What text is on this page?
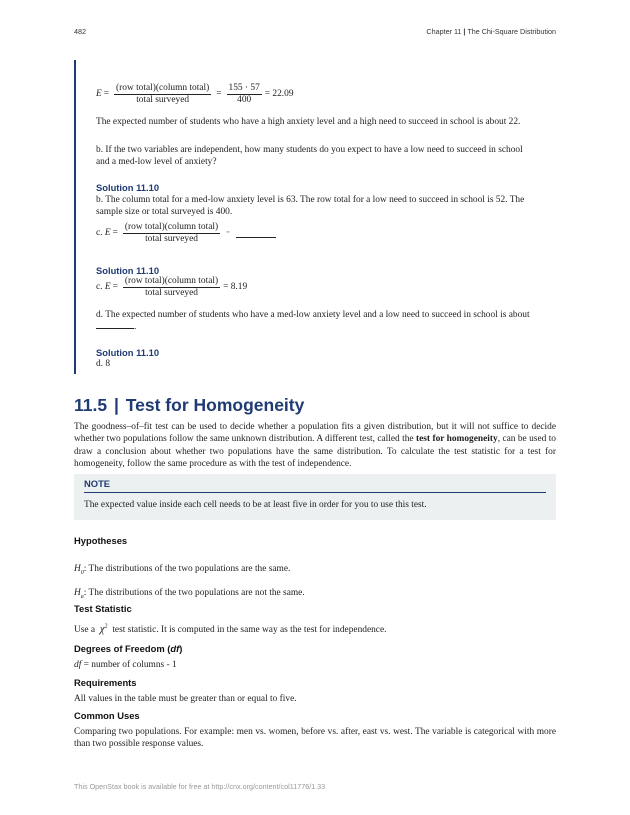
482	Chapter 11 | The Chi-Square Distribution
$E = \frac{\text{(row total)(column total)}}{\text{total surveyed}} = \frac{155 \cdot 57}{400} = 22.09$

The expected number of students who have a high anxiety level and a high need to succeed in school is about 22.

b. If the two variables are independent, how many students do you expect to have a low need to succeed in school and a med-low level of anxiety?

Solution 11.10

b. The column total for a med-low anxiety level is 63. The row total for a low need to succeed in school is 52. The sample size or total surveyed is 400.

c.
$E = \frac{\text{(row total)(column total)}}{\text{total surveyed}}$ =
Solution 11.10
c.
$E = \frac{\text{(row total)(column total)}}{\text{total surveyed}} = 8.19$

d. The expected number of students who have a med-low anxiety level and a low need to succeed in school is about .

Solution 11.10

d. 8

11.5 | Test for Homogeneity

The goodness–of–fit test can be used to decide whether a population fits a given distribution, but it will not suffice to decide whether two populations follow the same unknown distribution. A different test, called the test for homogeneity, can be used to draw a conclusion about whether two populations have the same distribution. To calculate the test statistic for a test for homogeneity, follow the same procedure as with the test of independence.

NOTE
The expected value inside each cell needs to be at least five in order for you to use this test.
Hypotheses

$H_0$: The distributions of the two populations are the same.

$H_a$: The distributions of the two populations are not the same.

Test Statistic

Use a $\chi^2$ test statistic. It is computed in the same way as the test for independence.

Degrees of Freedom (df)

df = number of columns - 1

Requirements

All values in the table must be greater than or equal to five.

Common Uses

Comparing two populations. For example: men vs. women, before vs. after, east vs. west. The variable is categorical with more than two possible response values.

This OpenStax book is available for free at http://cnx.org/content/col11776/1.33
